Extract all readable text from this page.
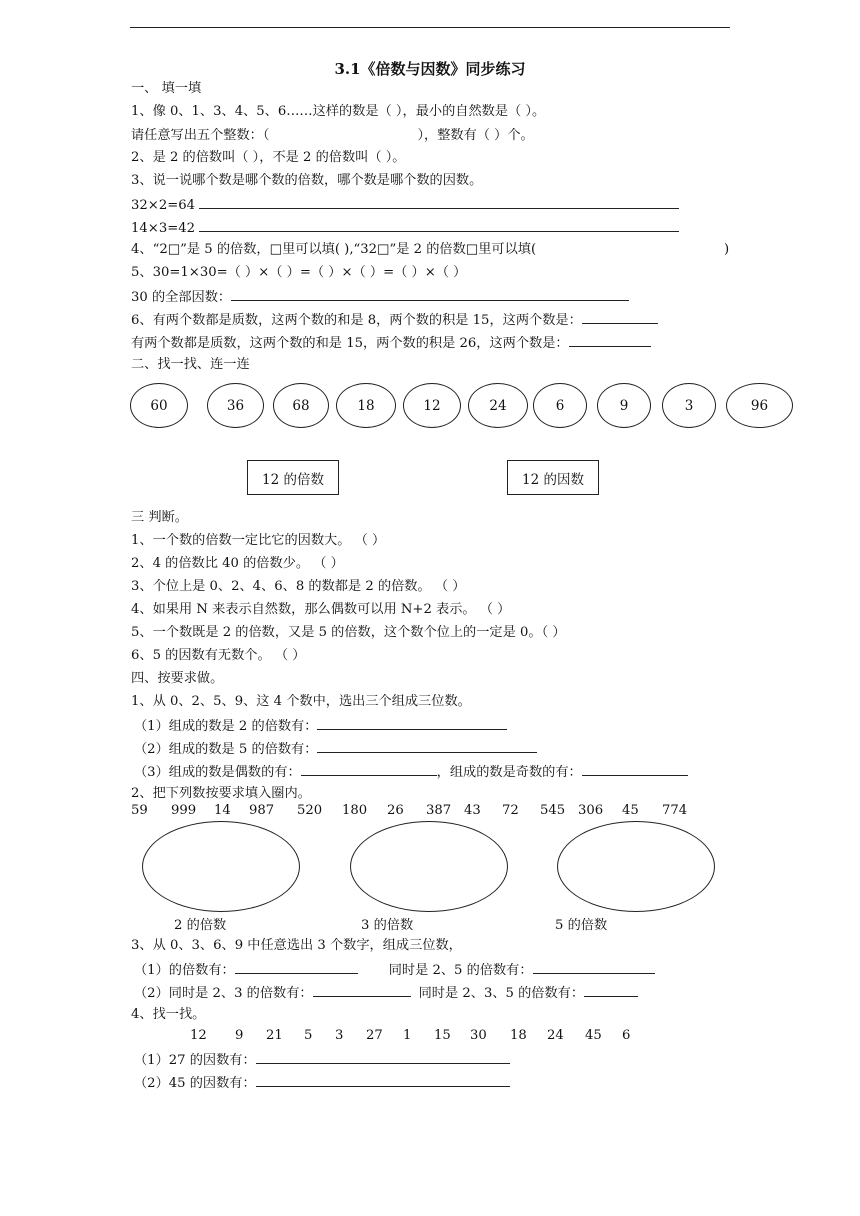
3.1《倍数与因数》同步练习
一、 填一填
1、像 0、1、3、4、5、6……这样的数是（ ），最小的自然数是（ ）。
请任意写出五个整数：（	），整数有（ ）个。
2、是 2 的倍数叫（ ），不是 2 的倍数叫（ ）。
3、说一说哪个数是哪个数的倍数，哪个数是哪个数的因数。
32×2=64
14×3=42
4、“2□”是 5 的倍数，□里可以填( ),“32□”是 2 的倍数□里可以填(	)
5、30=1×30=（ ）×（ ）=（ ）×（ ）=（ ）×（ ）
30 的全部因数：
6、有两个数都是质数，这两个数的和是 8，两个数的积是 15，这两个数是：
有两个数都是质数，这两个数的和是 15，两个数的积是 26，这两个数是：
二、找一找、连一连
60	36	68	18	12	24	6	9	3	96
12 的倍数	12 的因数
三 判断。
1、一个数的倍数一定比它的因数大。 （ ）
2、4 的倍数比 40 的倍数少。 （ ）
3、个位上是 0、2、4、6、8 的数都是 2 的倍数。 （ ）
4、如果用 N 来表示自然数，那么偶数可以用 N+2 表示。 （ ）
5、一个数既是 2 的倍数，又是 5 的倍数，这个数个位上的一定是 0。（ ）
6、5 的因数有无数个。 （ ）
四、按要求做。
1、从 0、2、5、9、这 4 个数中，选出三个组成三位数。
（1）组成的数是 2 的倍数有：
（2）组成的数是 5 的倍数有：
（3）组成的数是偶数的有：	，组成的数是奇数的有：
2、把下列数按要求填入圈内。
59 999 14 987 520 180 26 387 43 72 545 306 45 774
2 的倍数	3 的倍数	5 的倍数
3、从 0、3、6、9 中任意选出 3 个数字，组成三位数，
（1）的倍数有：	同时是 2、5 的倍数有：
（2）同时是 2、3 的倍数有：	同时是 2、3、5 的倍数有：
4、找一找。
12 9 21 5 3 27 1 15 30 18 24 45 6
（1）27 的因数有：
（2）45 的因数有：
